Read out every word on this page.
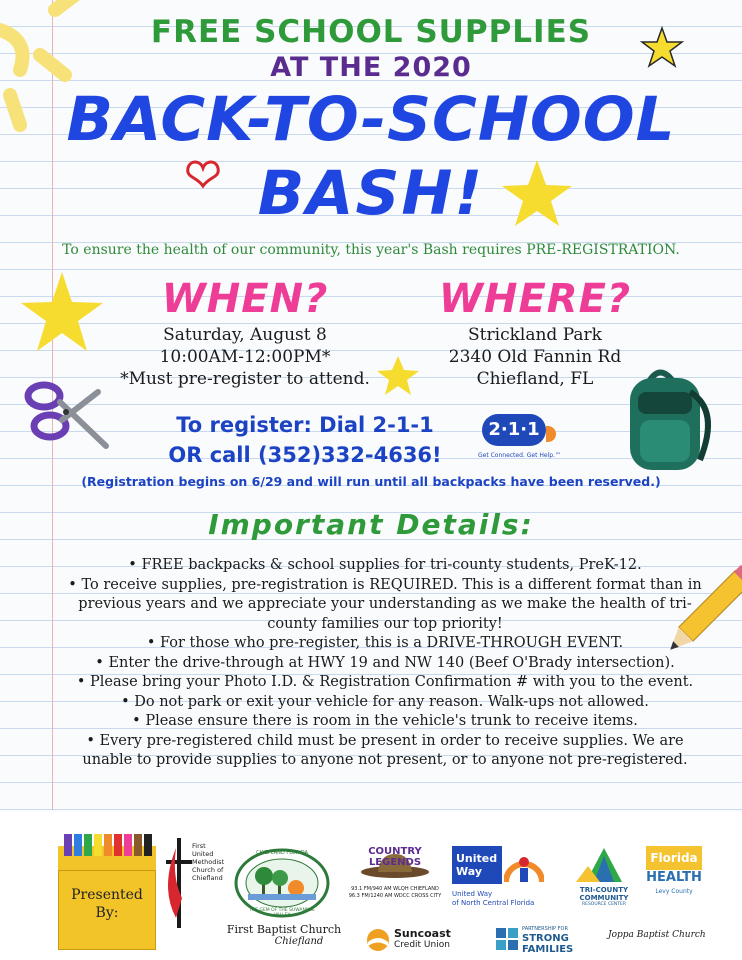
FREE SCHOOL SUPPLIES
AT THE 2020
BACK-TO-SCHOOL
BASH!
To ensure the health of our community, this year's Bash requires PRE-REGISTRATION.
WHEN?	WHERE?
Saturday, August 8
10:00AM-12:00PM*
*Must pre-register to attend.
Strickland Park
2340 Old Fannin Rd
Chiefland, FL
To register: Dial 2-1-1
OR call (352)332-4636!
2·1·1
Get Connected. Get Help.™
(Registration begins on 6/29 and will run until all backpacks have been reserved.)
Important Details:
• FREE backpacks & school supplies for tri-county students, PreK-12.
• To receive supplies, pre-registration is REQUIRED. This is a different format than in previous years and we appreciate your understanding as we make the health of tri-county families our top priority!
• For those who pre-register, this is a DRIVE-THROUGH EVENT.
• Enter the drive-through at HWY 19 and NW 140 (Beef O'Brady intersection).
• Please bring your Photo I.D. & Registration Confirmation # with you to the event.
• Do not park or exit your vehicle for any reason. Walk-ups not allowed.
• Please ensure there is room in the vehicle's trunk to receive items.
• Every pre-registered child must be present in order to receive supplies. We are unable to provide supplies to anyone not present, or to anyone not pre-registered.
Presented By:
First
United
Methodist
Church of
Chiefland
CHIEFLAND FLORIDA
THE GEM OF THE SUWANNEE VALLEY
First Baptist Church
Chiefland
COUNTRY LEGENDS
93.1 FM/940 AM WLQH CHIEFLAND
96.3 FM/1240 AM WDCC CROSS CITY
Suncoast
Credit Union
United
Way
United Way
of North Central Florida
PARTNERSHIP FOR
STRONG
FAMILIES
TRI-COUNTY
COMMUNITY
RESOURCE CENTER
Florida
HEALTH
Levy County
Joppa Baptist Church
